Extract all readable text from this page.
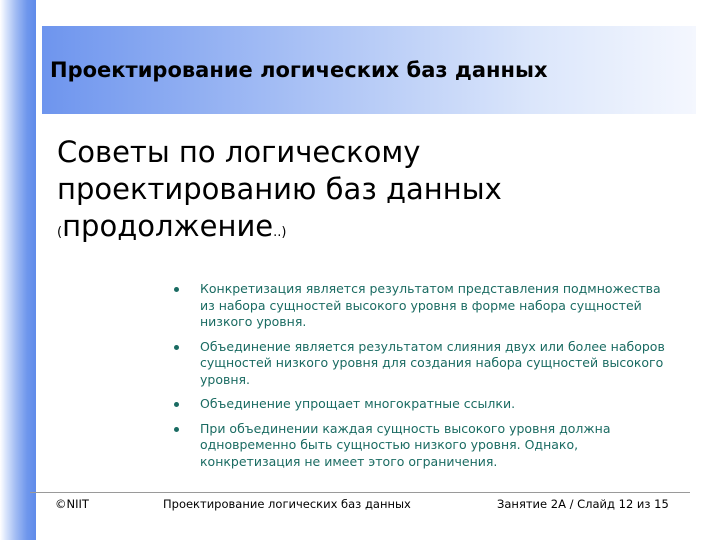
Проектирование логических баз данных
Советы по логическому
проектированию баз данных
(продолжение..)
Конкретизация является результатом представления подмножества из набора сущностей высокого уровня в форме набора сущностей низкого уровня.
Объединение является результатом слияния двух или более наборов сущностей низкого уровня для создания набора сущностей высокого уровня.
Объединение упрощает многократные ссылки.
При объединении каждая сущность высокого уровня должна одновременно быть сущностью низкого уровня. Однако, конкретизация не имеет этого ограничения.
©NIIT	Проектирование логических баз данных	Занятие 2A / Слайд 12 из 15
